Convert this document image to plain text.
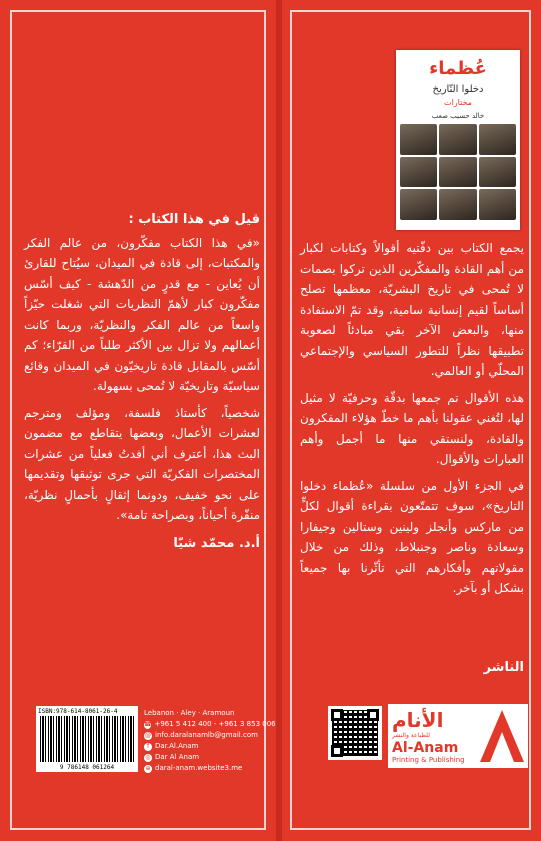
عُظماء
دخلوا التّاريخ
مختارات
خالد حسيب صعب

يجمع الكتاب بين دفّتيه أقوالاً وكتابات لكبار من أهم القادة والمفكّرين الذين تركوا بصمات لا تُمحى في تاريخ البشريّة، معظمها تصلح أساساً لقيم إنسانية سامية، وقد تمّ الاستفادة منها، والبعض الآخر بقي مبادئاً لصعوبة تطبيقها نظراً للتطور السياسي والإجتماعي المحلّي أو العالمي.

هذه الأقوال تم جمعها بدقّة وحرفيّة لا مثيل لها، لتُغني عقولنا بأهم ما خطّ هؤلاء المفكرون والقادة، ولنستقي منها ما أجمل وأهم العبارات والأقوال.

في الجزء الأول من سلسلة «عُظماء دخلوا التاريخ»، سوف تتمتّعون بقراءة أقوال لكلٍّ من ماركس وأنجلز ولينين وستالين وجيفارا وسعادة وناصر وجنبلاط، وذلك من خلال مقولاتهم وأفكارهم التي تأثّرنا بها جميعاً بشكل أو بآخر.

الناشر
قيل في هذا الكتاب :

«في هذا الكتاب مفكّرون، من عالم الفكر والمكتبات، إلى قادة في الميدان، سيُتاح للقارئ أن يُعاين - مع قدرٍ من الدّهشة - كيف أسّس مفكّرون كبار لأهمّ النظريات التي شغلت حيّزاً واسعاً من عالم الفكر والنظريّة، وربما كانت أعمالهم ولا تزال بين الأكثر طلباً من القرّاء؛ كم أسّس بالمقابل قادة تاريخيّون في الميدان وقائع سياسيّة وتاريخيّة لا تُمحى بسهولة.

شخصياً، كأستاذ فلسفة، ومؤلف ومترجم لعشرات الأعمال، وبعضها يتقاطع مع مضمون البث هذا، أعترف أني أفدتُ فعلياً من عشرات المختصرات الفكريّة التي جرى توثيقها وتقديمها على نحو خفيف، ودونما إثقالٍ بأحمالٍ نظريّة، منفّرة أحياناً، وبصراحة تامة».

أ.د. محمّد شيّا
ISBN:978-614-8061-26-4
9 786148 061264
Lebanon · Aley · Aramoun
☎ +961 5 412 400 - +961 3 853 006
@ info.daralanamlb@gmail.com
f Dar.Al.Anam
◎ Dar Al Anam
⊕ daral-anam.website3.me
الأنام
للطباعة والنشر
Al-Anam
Printing & Publishing
